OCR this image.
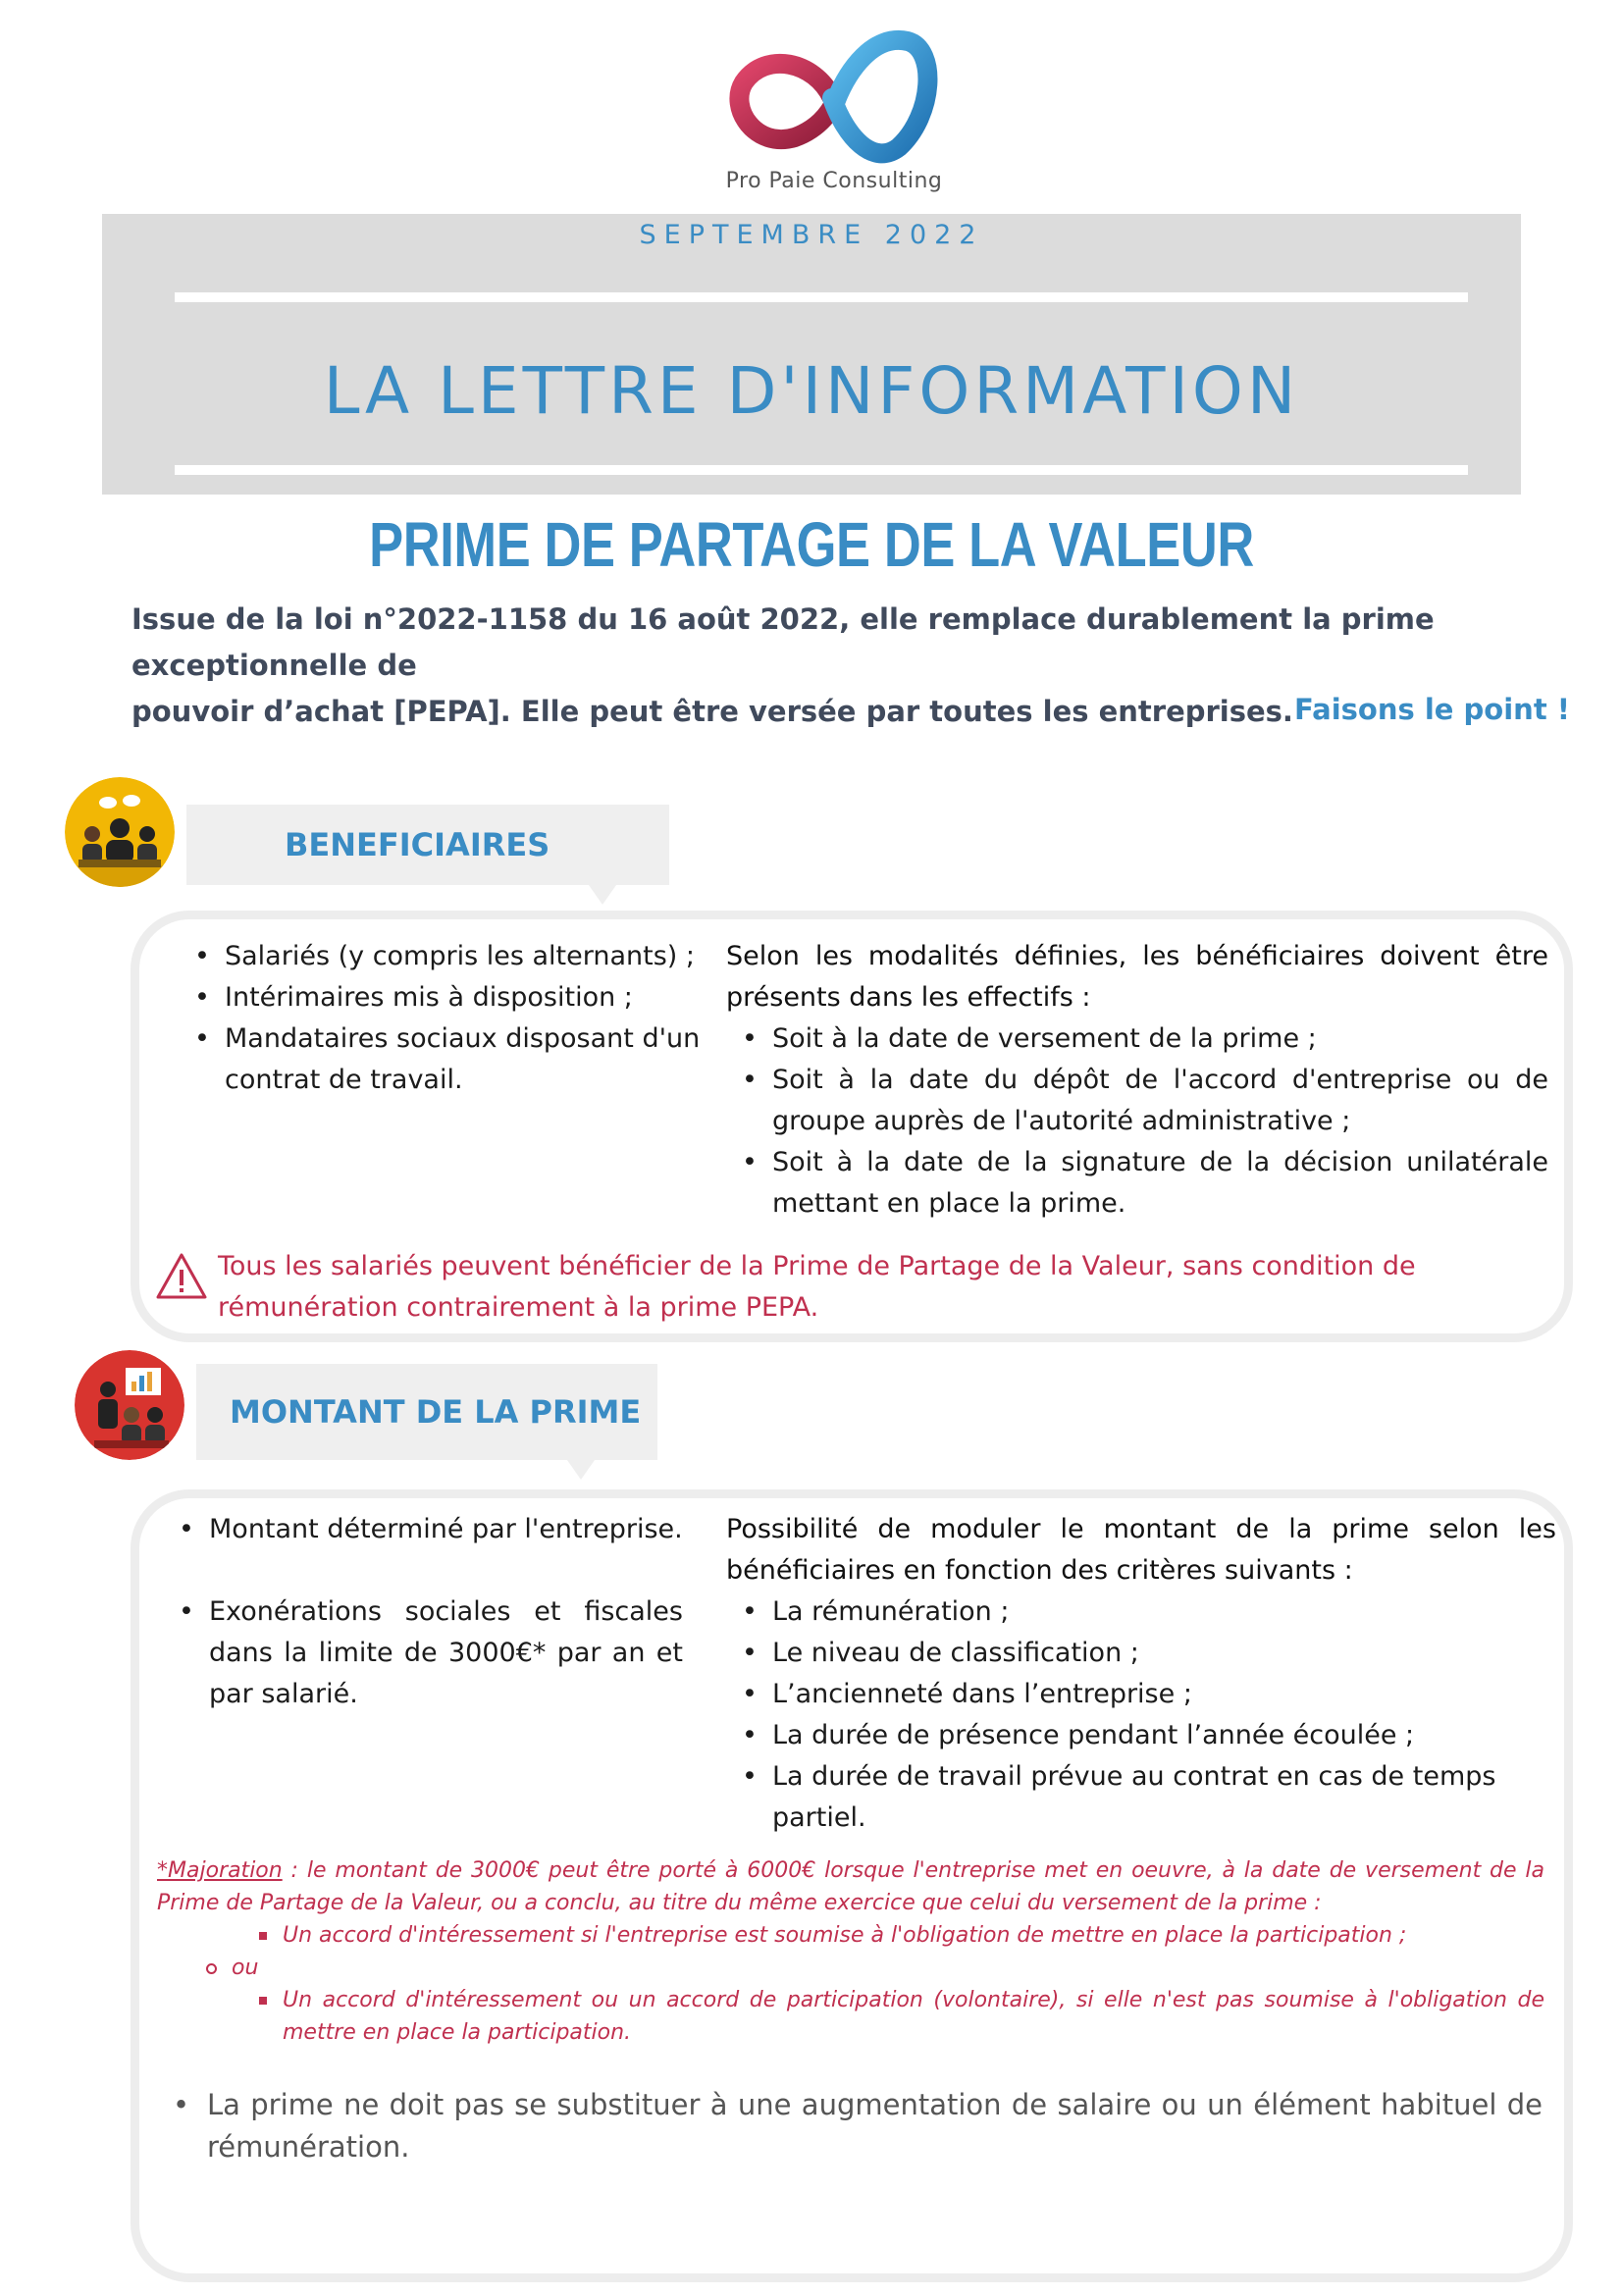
Pro Paie Consulting
SEPTEMBRE 2022
LA LETTRE D'INFORMATION
PRIME DE PARTAGE DE LA VALEUR
Issue de la loi n°2022-1158 du 16 août 2022, elle remplace durablement la prime exceptionnelle de
pouvoir d’achat [PEPA]. Elle peut être versée par toutes les entreprises. Faisons le point !
BENEFICIAIRES
• Salariés (y compris les alternants) ;
• Intérimaires mis à disposition ;
• Mandataires sociaux disposant d'un contrat de travail.
Selon les modalités définies, les bénéficiaires doivent être présents dans les effectifs :
• Soit à la date de versement de la prime ;
• Soit à la date du dépôt de l'accord d'entreprise ou de groupe auprès de l'autorité administrative ;
• Soit à la date de la signature de la décision unilatérale mettant en place la prime.
Tous les salariés peuvent bénéficier de la Prime de Partage de la Valeur, sans condition de rémunération contrairement à la prime PEPA.
MONTANT DE LA PRIME
• Montant déterminé par l'entreprise.
• Exonérations sociales et fiscales dans la limite de 3000€* par an et par salarié.
Possibilité de moduler le montant de la prime selon les bénéficiaires en fonction des critères suivants :
• La rémunération ;
• Le niveau de classification ;
• L’ancienneté dans l’entreprise ;
• La durée de présence pendant l’année écoulée ;
• La durée de travail prévue au contrat en cas de temps partiel.
*Majoration : le montant de 3000€ peut être porté à 6000€ lorsque l'entreprise met en oeuvre, à la date de versement de la Prime de Partage de la Valeur, ou a conclu, au titre du même exercice que celui du versement de la prime :
Un accord d'intéressement si l'entreprise est soumise à l'obligation de mettre en place la participation ;
ou
Un accord d'intéressement ou un accord de participation (volontaire), si elle n'est pas soumise à l'obligation de mettre en place la participation.
• La prime ne doit pas se substituer à une augmentation de salaire ou un élément habituel de rémunération.
